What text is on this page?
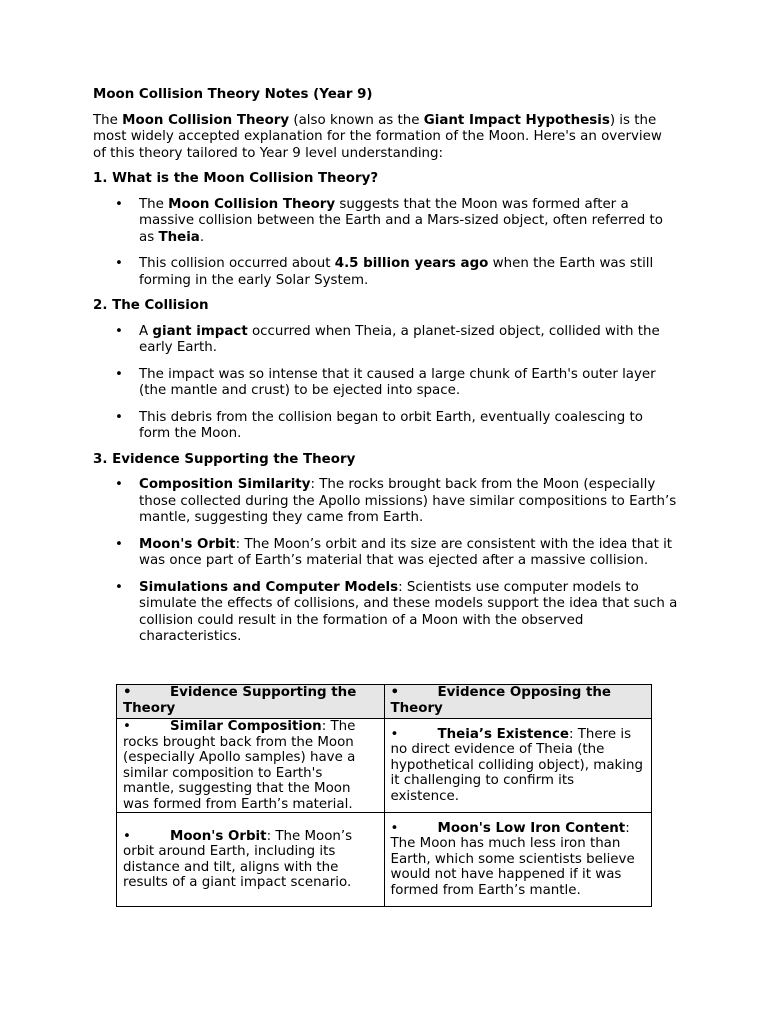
Moon Collision Theory Notes (Year 9)

The Moon Collision Theory (also known as the Giant Impact Hypothesis) is the most widely accepted explanation for the formation of the Moon. Here's an overview of this theory tailored to Year 9 level understanding:

1. What is the Moon Collision Theory?

• The Moon Collision Theory suggests that the Moon was formed after a massive collision between the Earth and a Mars-sized object, often referred to as Theia.
• This collision occurred about 4.5 billion years ago when the Earth was still forming in the early Solar System.

2. The Collision

• A giant impact occurred when Theia, a planet-sized object, collided with the early Earth.
• The impact was so intense that it caused a large chunk of Earth's outer layer (the mantle and crust) to be ejected into space.
• This debris from the collision began to orbit Earth, eventually coalescing to form the Moon.

3. Evidence Supporting the Theory

• Composition Similarity: The rocks brought back from the Moon (especially those collected during the Apollo missions) have similar compositions to Earth’s mantle, suggesting they came from Earth.
• Moon's Orbit: The Moon’s orbit and its size are consistent with the idea that it was once part of Earth’s material that was ejected after a massive collision.
• Simulations and Computer Models: Scientists use computer models to simulate the effects of collisions, and these models support the idea that such a collision could result in the formation of a Moon with the observed characteristics.
• Evidence Supporting the Theory	• Evidence Opposing the Theory
• Similar Composition: The rocks brought back from the Moon (especially Apollo samples) have a similar composition to Earth's mantle, suggesting that the Moon was formed from Earth’s material.	• Theia’s Existence: There is no direct evidence of Theia (the hypothetical colliding object), making it challenging to confirm its existence.
• Moon's Orbit: The Moon’s orbit around Earth, including its distance and tilt, aligns with the results of a giant impact scenario.	• Moon's Low Iron Content: The Moon has much less iron than Earth, which some scientists believe would not have happened if it was formed from Earth’s mantle.
